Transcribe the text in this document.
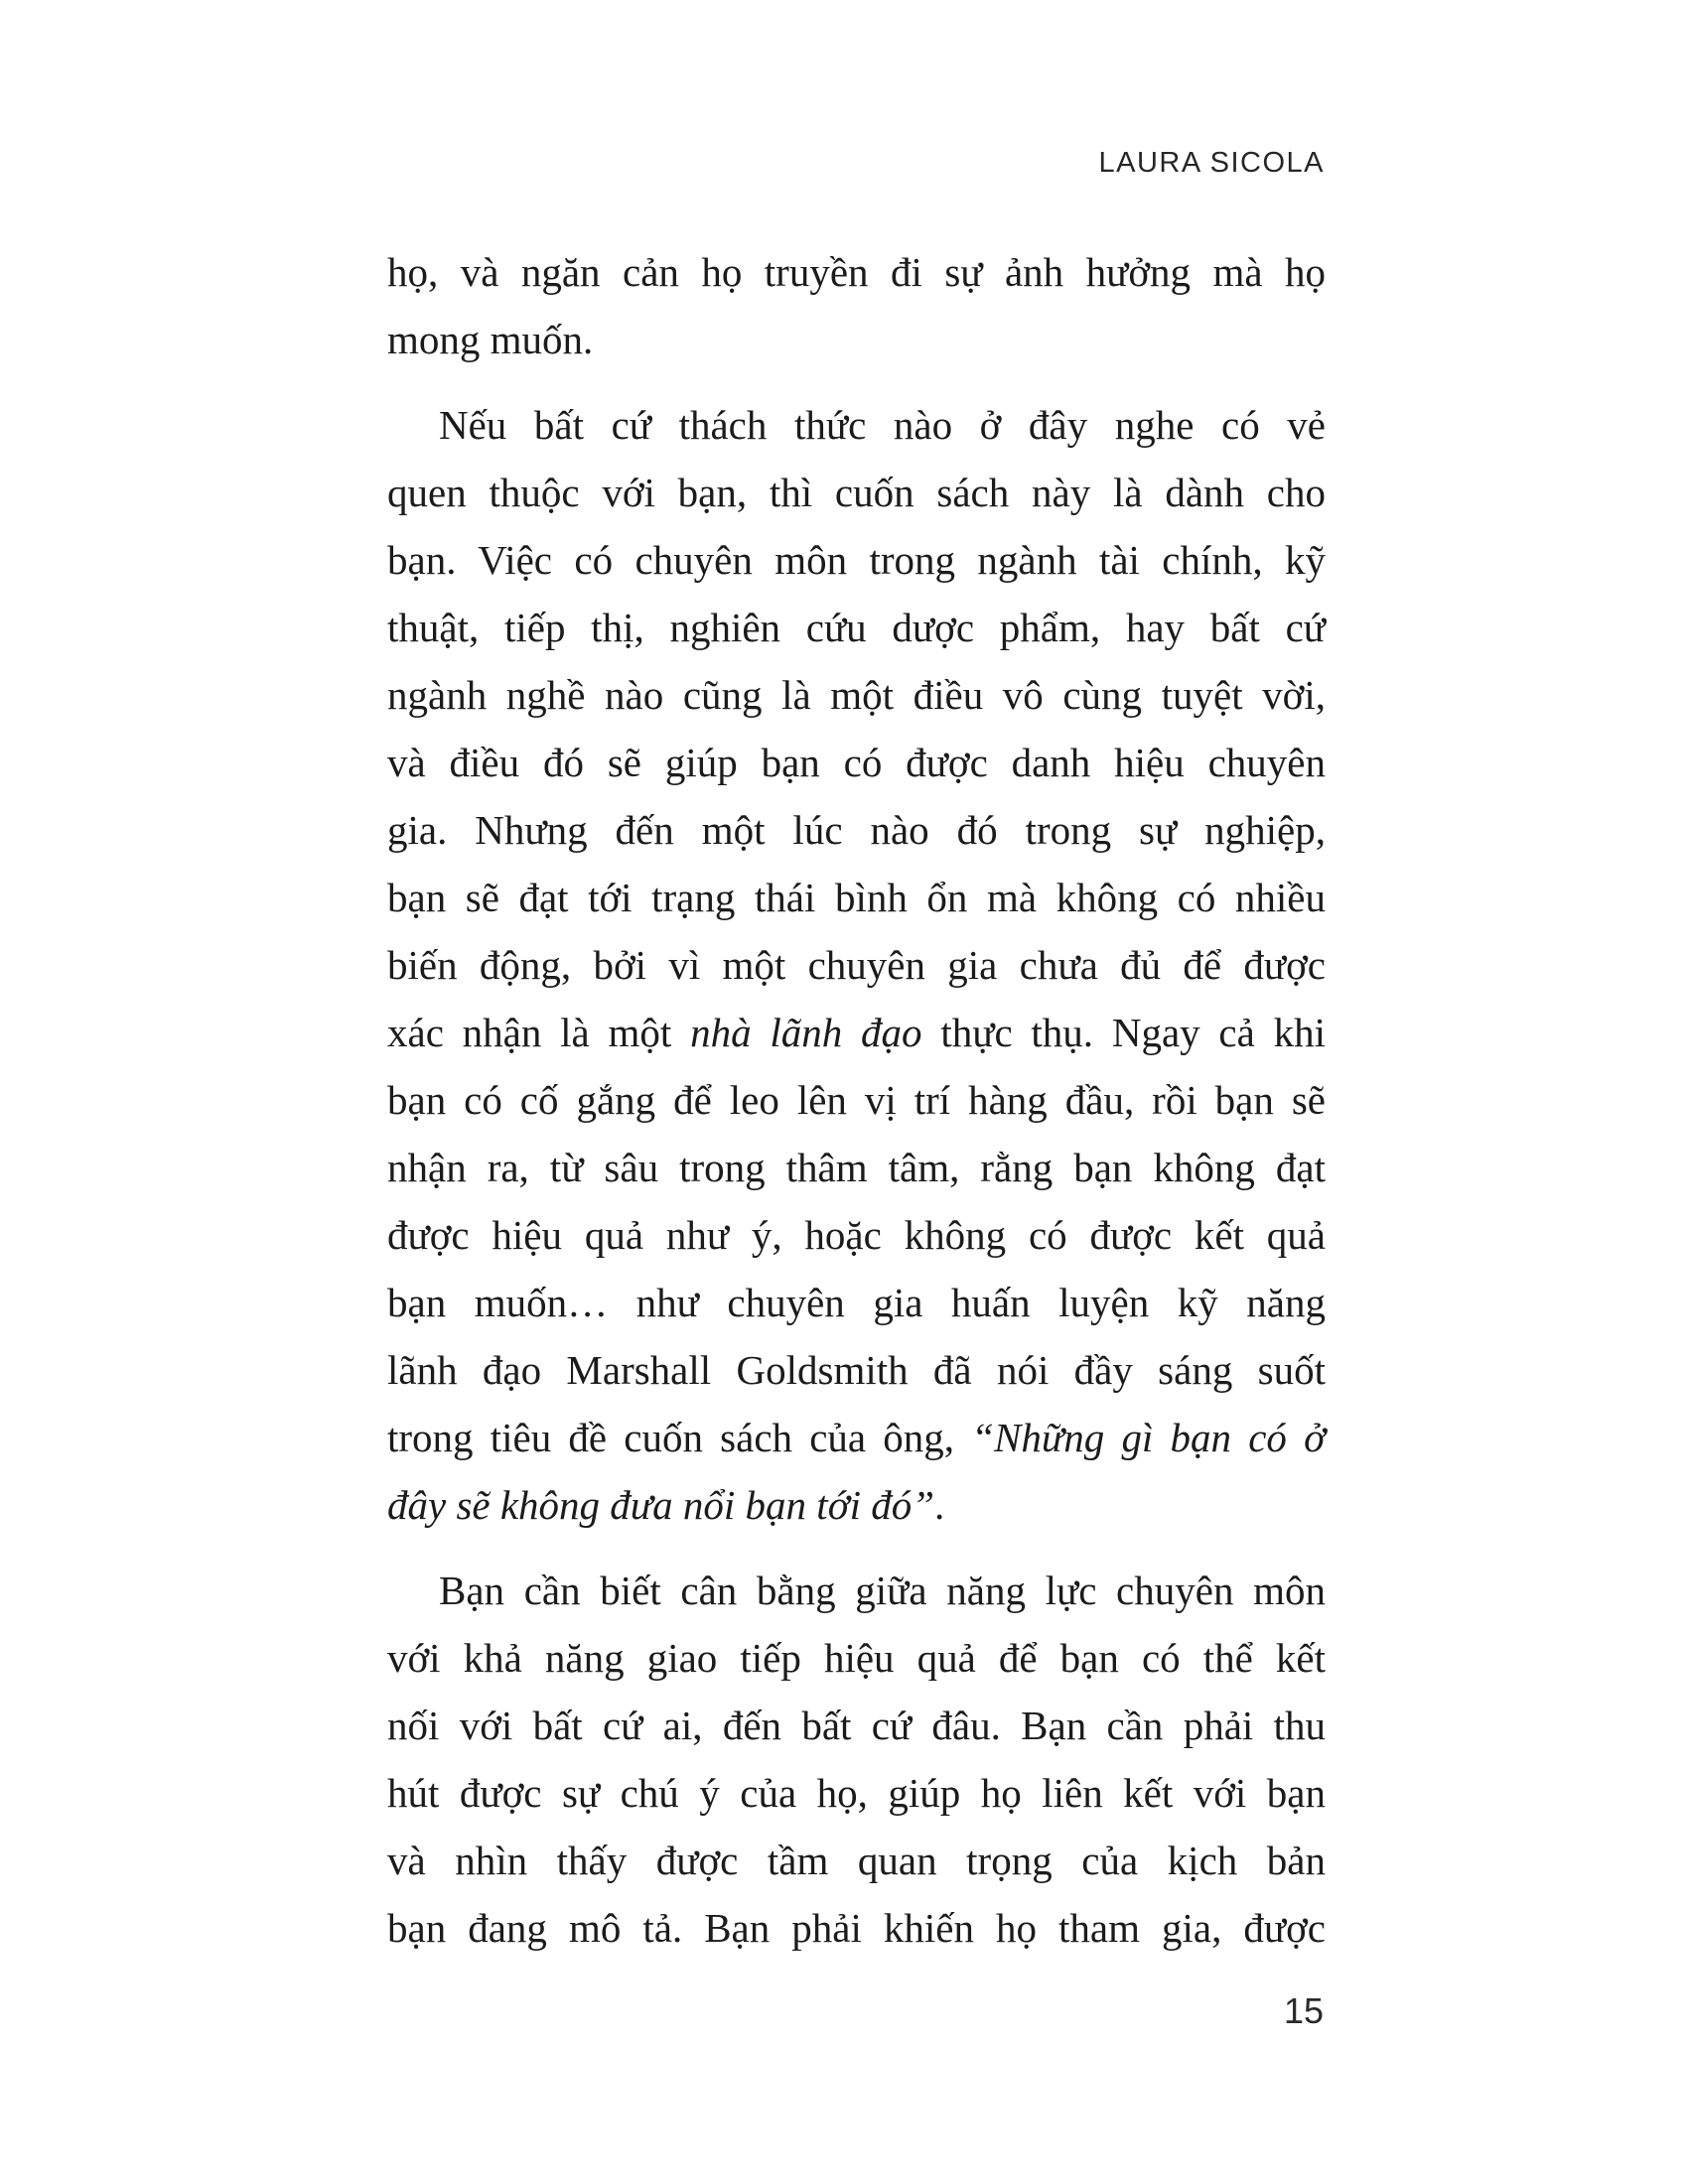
LAURA SICOLA

họ, và ngăn cản họ truyền đi sự ảnh hưởng mà họ
mong muốn.

Nếu bất cứ thách thức nào ở đây nghe có vẻ
quen thuộc với bạn, thì cuốn sách này là dành cho
bạn. Việc có chuyên môn trong ngành tài chính, kỹ
thuật, tiếp thị, nghiên cứu dược phẩm, hay bất cứ
ngành nghề nào cũng là một điều vô cùng tuyệt vời,
và điều đó sẽ giúp bạn có được danh hiệu chuyên
gia. Nhưng đến một lúc nào đó trong sự nghiệp,
bạn sẽ đạt tới trạng thái bình ổn mà không có nhiều
biến động, bởi vì một chuyên gia chưa đủ để được
xác nhận là một nhà lãnh đạo thực thụ. Ngay cả khi
bạn có cố gắng để leo lên vị trí hàng đầu, rồi bạn sẽ
nhận ra, từ sâu trong thâm tâm, rằng bạn không đạt
được hiệu quả như ý, hoặc không có được kết quả
bạn muốn… như chuyên gia huấn luyện kỹ năng
lãnh đạo Marshall Goldsmith đã nói đầy sáng suốt
trong tiêu đề cuốn sách của ông, “Những gì bạn có ở
đây sẽ không đưa nổi bạn tới đó”.

Bạn cần biết cân bằng giữa năng lực chuyên môn
với khả năng giao tiếp hiệu quả để bạn có thể kết
nối với bất cứ ai, đến bất cứ đâu. Bạn cần phải thu
hút được sự chú ý của họ, giúp họ liên kết với bạn
và nhìn thấy được tầm quan trọng của kịch bản
bạn đang mô tả. Bạn phải khiến họ tham gia, được

15
